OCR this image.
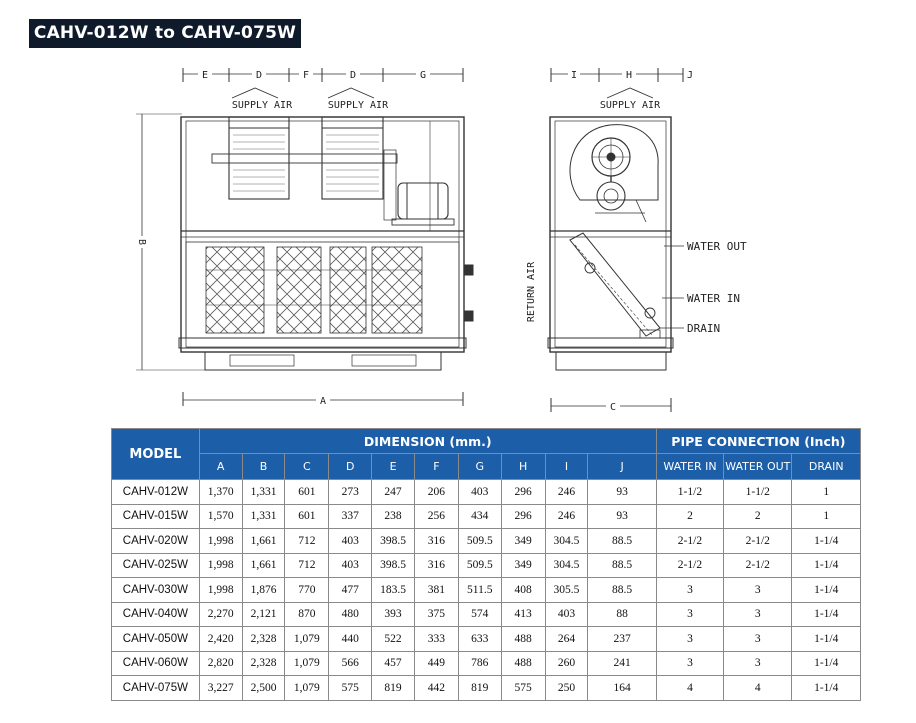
CAHV-012W to CAHV-075W
E	D	F	D	G
SUPPLY AIR	SUPPLY AIR
B
A
I	H	J
SUPPLY AIR
RETURN AIR
WATER OUT
WATER IN
DRAIN
C
MODEL	DIMENSION (mm.)										PIPE CONNECTION (Inch)		
	A	B	C	D	E	F	G	H	I	J	WATER IN	WATER OUT	DRAIN
CAHV-012W	1,370	1,331	601	273	247	206	403	296	246	93	1-1/2	1-1/2	1
CAHV-015W	1,570	1,331	601	337	238	256	434	296	246	93	2	2	1
CAHV-020W	1,998	1,661	712	403	398.5	316	509.5	349	304.5	88.5	2-1/2	2-1/2	1-1/4
CAHV-025W	1,998	1,661	712	403	398.5	316	509.5	349	304.5	88.5	2-1/2	2-1/2	1-1/4
CAHV-030W	1,998	1,876	770	477	183.5	381	511.5	408	305.5	88.5	3	3	1-1/4
CAHV-040W	2,270	2,121	870	480	393	375	574	413	403	88	3	3	1-1/4
CAHV-050W	2,420	2,328	1,079	440	522	333	633	488	264	237	3	3	1-1/4
CAHV-060W	2,820	2,328	1,079	566	457	449	786	488	260	241	3	3	1-1/4
CAHV-075W	3,227	2,500	1,079	575	819	442	819	575	250	164	4	4	1-1/4
